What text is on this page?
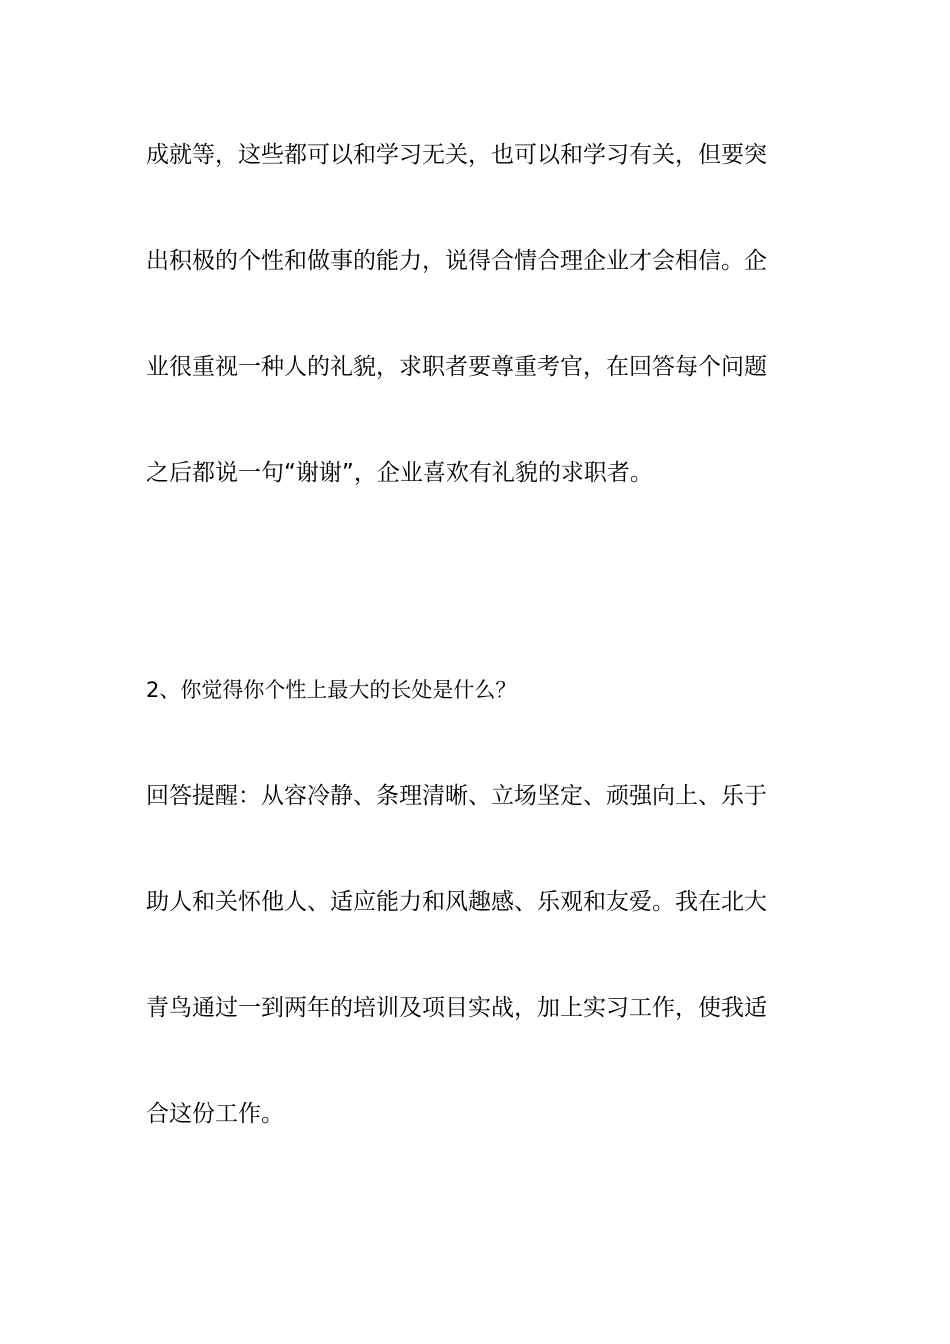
成就等，这些都可以和学习无关，也可以和学习有关，但要突
出积极的个性和做事的能力，说得合情合理企业才会相信。企
业很重视一种人的礼貌，求职者要尊重考官，在回答每个问题
之后都说一句“谢谢”，企业喜欢有礼貌的求职者。
2、你觉得你个性上最大的长处是什么？
回答提醒：从容冷静、条理清晰、立场坚定、顽强向上、乐于
助人和关怀他人、适应能力和风趣感、乐观和友爱。我在北大
青鸟通过一到两年的培训及项目实战，加上实习工作，使我适
合这份工作。
